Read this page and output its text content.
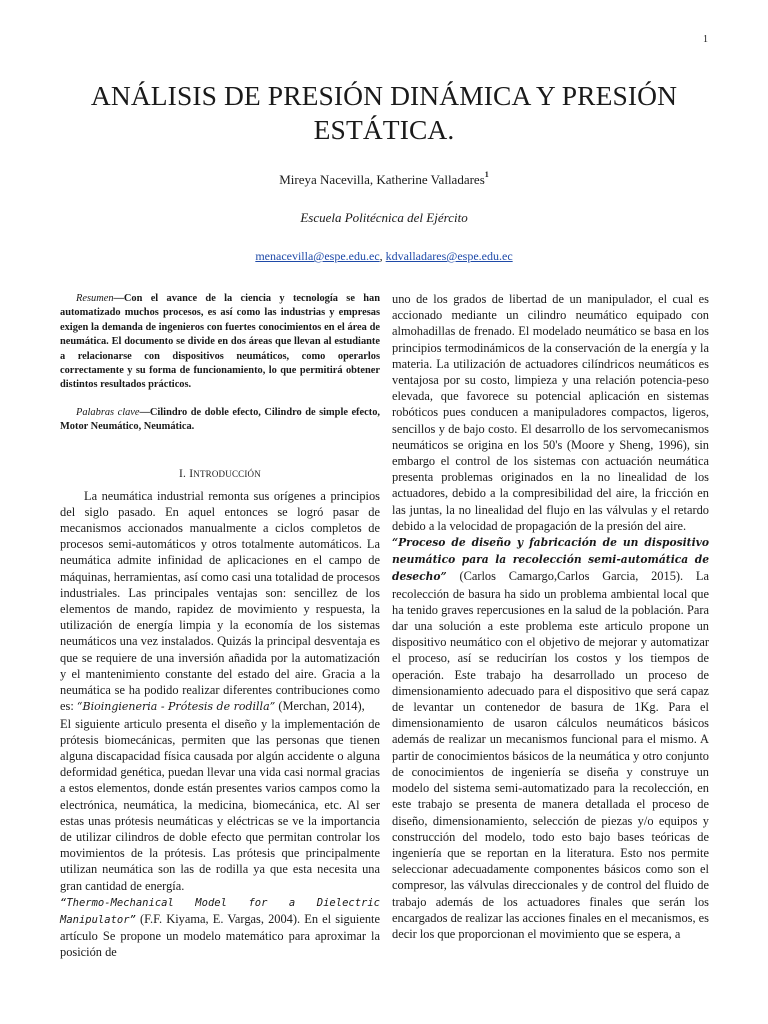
1
ANÁLISIS DE PRESIÓN DINÁMICA Y PRESIÓN ESTÁTICA.
Mireya Nacevilla, Katherine Valladares$^1$
Escuela Politécnica del Ejército
menacevilla@espe.edu.ec, kdvalladares@espe.edu.ec

Resumen—Con el avance de la ciencia y tecnología se han automatizado muchos procesos, es así como las industrias y empresas exigen la demanda de ingenieros con fuertes conocimientos en el área de neumática. El documento se divide en dos áreas que llevan al estudiante a relacionarse con dispositivos neumáticos, como operarlos correctamente y su forma de funcionamiento, lo que permitirá obtener distintos resultados prácticos.

Palabras clave—Cilindro de doble efecto, Cilindro de simple efecto, Motor Neumático, Neumática.

I. INTRODUCCIÓN

La neumática industrial remonta sus orígenes a principios del siglo pasado. En aquel entonces se logró pasar de mecanismos accionados manualmente a ciclos completos de procesos semi-automáticos y otros totalmente automáticos. La neumática admite infinidad de aplicaciones en el campo de máquinas, herramientas, así como casi una totalidad de procesos industriales. Las principales ventajas son: sencillez de los elementos de mando, rapidez de movimiento y respuesta, la utilización de energía limpia y la economía de los sistemas neumáticos una vez instalados. Quizás la principal desventaja es que se requiere de una inversión añadida por la automatización y el mantenimiento constante del estado del aire. Gracia a la neumática se ha podido realizar diferentes contribuciones como es: “Bioingieneria - Prótesis de rodilla” (Merchan, 2014),

El siguiente articulo presenta el diseño y la implementación de prótesis biomecánicas, permiten que las personas que tienen alguna discapacidad física causada por algún accidente o alguna deformidad genética, puedan llevar una vida casi normal gracias a estos elementos, donde están presentes varios campos como la electrónica, neumática, la medicina, biomecánica, etc. Al ser estas unas prótesis neumáticas y eléctricas se ve la importancia de utilizar cilindros de doble efecto que permitan controlar los movimientos de la prótesis. Las prótesis que principalmente utilizan neumática son las de rodilla ya que esta necesita una gran cantidad de energía.

“Thermo-Mechanical Model for a Dielectric Manipulator” (F.F. Kiyama, E. Vargas, 2004). En el siguiente artículo Se propone un modelo matemático para aproximar la posición de

uno de los grados de libertad de un manipulador, el cual es accionado mediante un cilindro neumático equipado con almohadillas de frenado. El modelado neumático se basa en los principios termodinámicos de la conservación de la energía y la materia. La utilización de actuadores cilíndricos neumáticos es ventajosa por su costo, limpieza y una relación potencia-peso elevada, que favorece su potencial aplicación en sistemas robóticos pues conducen a manipuladores compactos, ligeros, sencillos y de bajo costo. El desarrollo de los servomecanismos neumáticos se origina en los 50's (Moore y Sheng, 1996), sin embargo el control de los sistemas con actuación neumática presenta problemas originados en la no linealidad de los actuadores, debido a la compresibilidad del aire, la fricción en las juntas, la no linealidad del flujo en las válvulas y el retardo debido a la velocidad de propagación de la presión del aire.

“Proceso de diseño y fabricación de un dispositivo neumático para la recolección semi-automática de desecho” (Carlos Camargo,Carlos Garcia, 2015). La recolección de basura ha sido un problema ambiental local que ha tenido graves repercusiones en la salud de la población. Para dar una solución a este problema este articulo propone un dispositivo neumático con el objetivo de mejorar y automatizar el proceso, así se reducirían los costos y los tiempos de operación. Este trabajo ha desarrollado un proceso de dimensionamiento adecuado para el dispositivo que será capaz de levantar un contenedor de basura de 1Kg. Para el dimensionamiento de usaron cálculos neumáticos básicos además de realizar un mecanismos funcional para el mismo. A partir de conocimientos básicos de la neumática y otro conjunto de conocimientos de ingeniería se diseña y construye un modelo del sistema semi-automatizado para la recolección, en este trabajo se presenta de manera detallada el proceso de diseño, dimensionamiento, selección de piezas y/o equipos y construcción del modelo, todo esto bajo bases teóricas de ingeniería que se reportan en la literatura. Esto nos permite seleccionar adecuadamente componentes básicos como son el compresor, las válvulas direccionales y de control del fluido de trabajo además de los actuadores finales que serán los encargados de realizar las acciones finales en el mecanismos, es decir los que proporcionan el movimiento que se espera, a
